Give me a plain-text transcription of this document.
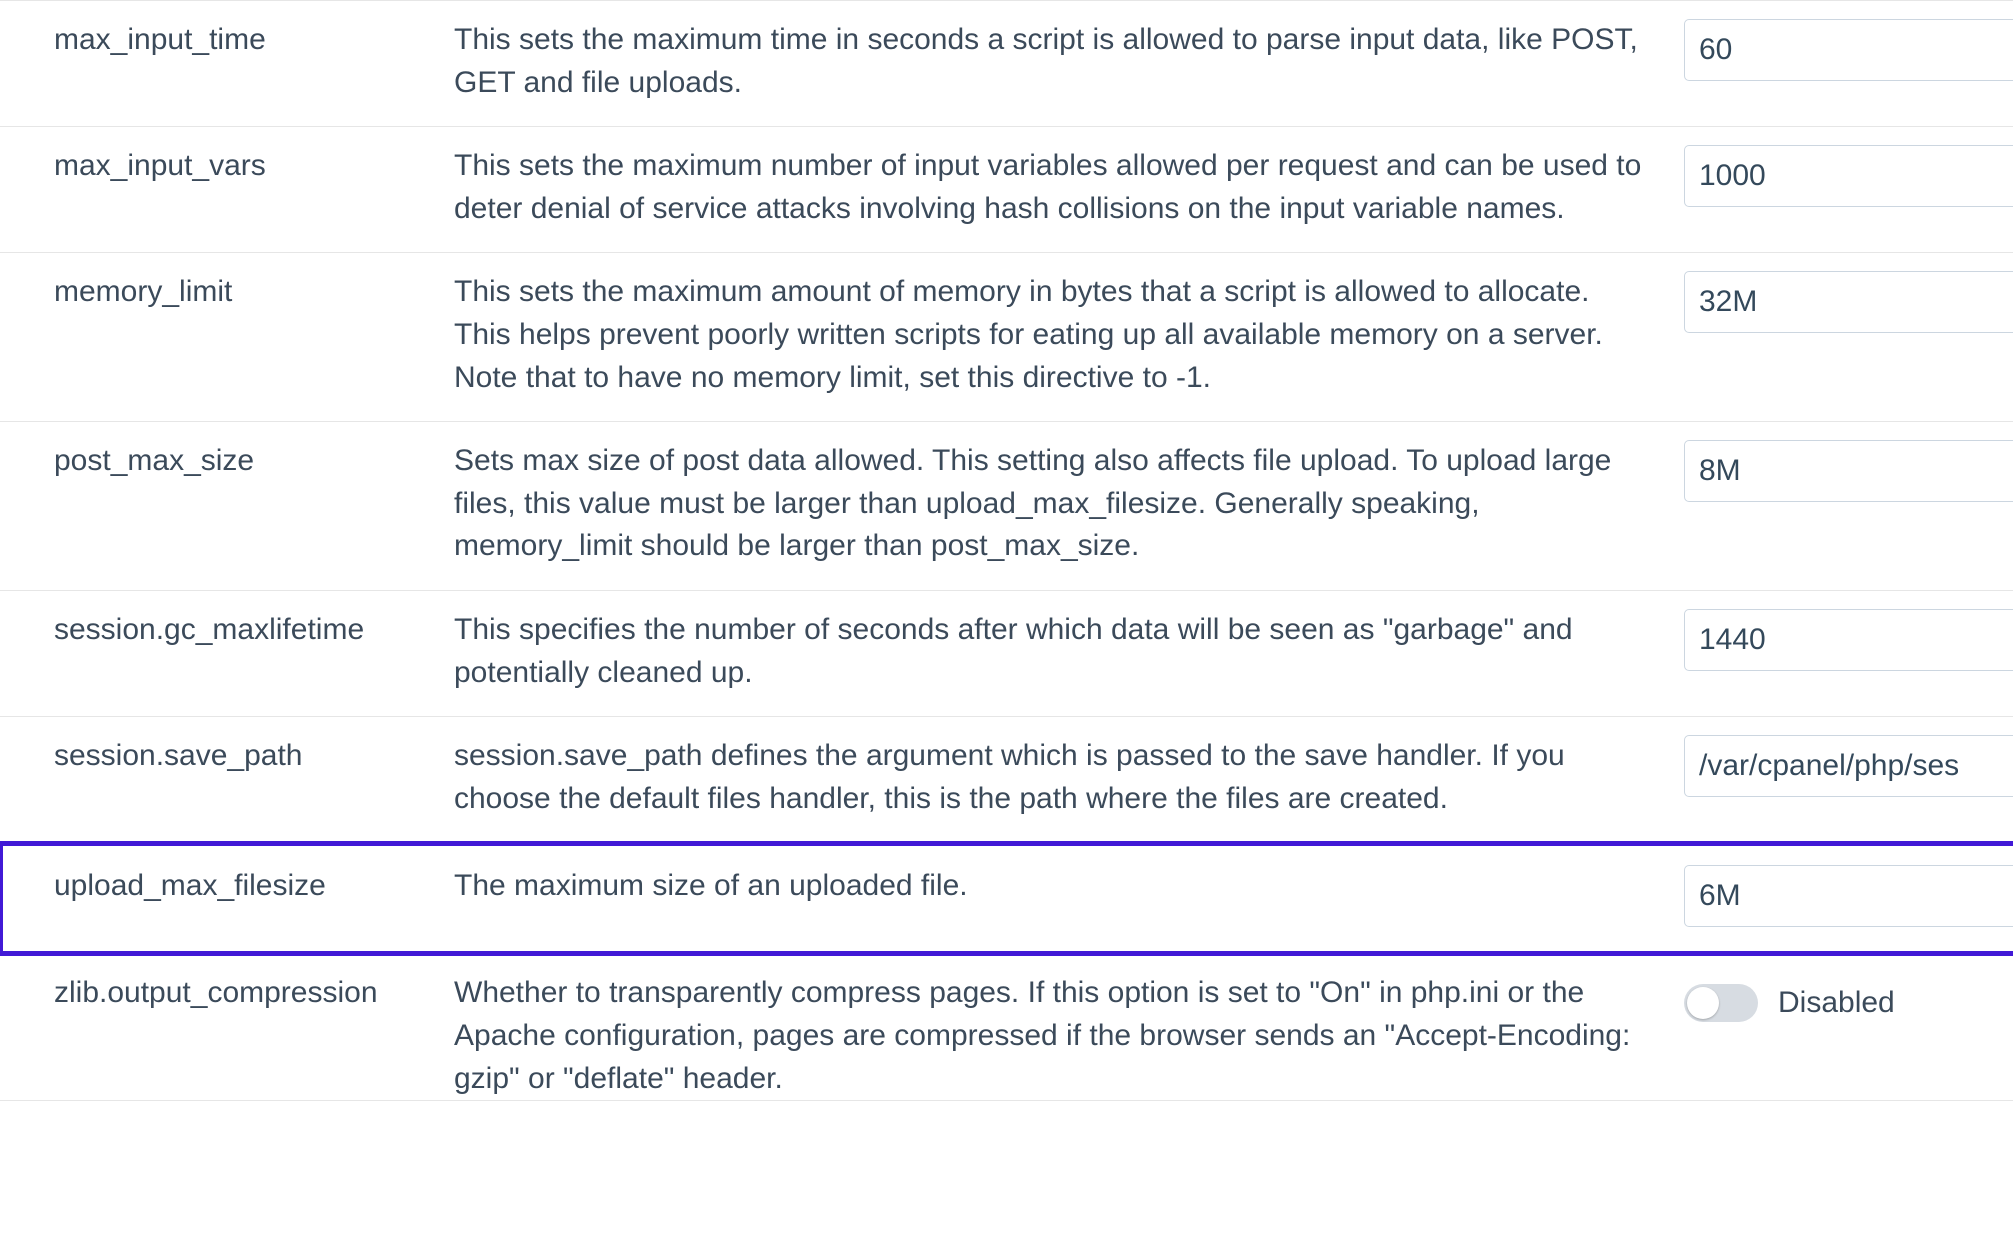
max_input_time	This sets the maximum time in seconds a script is allowed to parse input data, like POST, GET and file uploads.	60

max_input_vars	This sets the maximum number of input variables allowed per request and can be used to deter denial of service attacks involving hash collisions on the input variable names.	1000

memory_limit	This sets the maximum amount of memory in bytes that a script is allowed to allocate. This helps prevent poorly written scripts for eating up all available memory on a server. Note that to have no memory limit, set this directive to -1.	32M

post_max_size	Sets max size of post data allowed. This setting also affects file upload. To upload large files, this value must be larger than upload_max_filesize. Generally speaking, memory_limit should be larger than post_max_size.	8M

session.gc_maxlifetime	This specifies the number of seconds after which data will be seen as "garbage" and potentially cleaned up.	1440

session.save_path	session.save_path defines the argument which is passed to the save handler. If you choose the default files handler, this is the path where the files are created.	/var/cpanel/php/ses

upload_max_filesize	The maximum size of an uploaded file.	6M

zlib.output_compression	Whether to transparently compress pages. If this option is set to "On" in php.ini or the Apache configuration, pages are compressed if the browser sends an "Accept-Encoding: gzip" or "deflate" header.	Disabled
